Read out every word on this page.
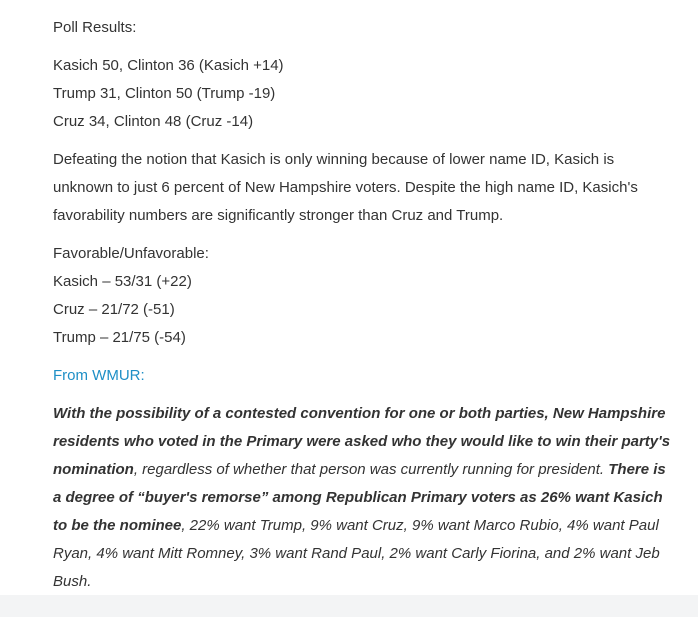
Poll Results:

Kasich 50, Clinton 36 (Kasich +14)

Trump 31, Clinton 50 (Trump -19)

Cruz 34, Clinton 48 (Cruz -14)

Defeating the notion that Kasich is only winning because of lower name ID, Kasich is unknown to just 6 percent of New Hampshire voters. Despite the high name ID, Kasich's favorability numbers are significantly stronger than Cruz and Trump.

Favorable/Unfavorable:

Kasich – 53/31 (+22)

Cruz – 21/72 (-51)

Trump – 21/75 (-54)

From WMUR:

With the possibility of a contested convention for one or both parties, New Hampshire residents who voted in the Primary were asked who they would like to win their party's nomination, regardless of whether that person was currently running for president. There is a degree of “buyer's remorse” among Republican Primary voters as 26% want Kasich to be the nominee, 22% want Trump, 9% want Cruz, 9% want Marco Rubio, 4% want Paul Ryan, 4% want Mitt Romney, 3% want Rand Paul, 2% want Carly Fiorina, and 2% want Jeb Bush.
